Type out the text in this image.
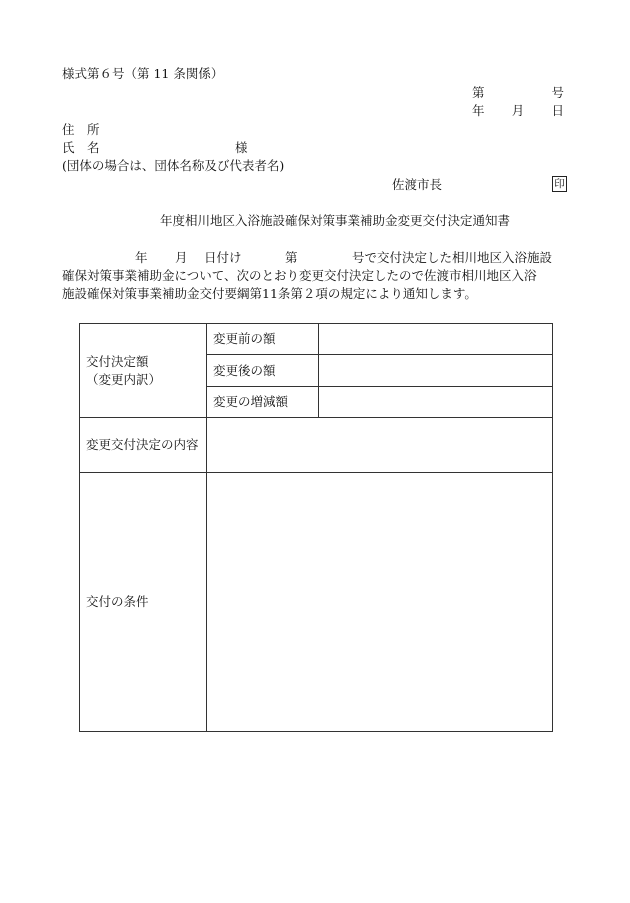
様式第６号（第 11 条関係）
第	号
年 月 日
住　所
氏　名	様
(団体の場合は、団体名称及び代表者名)
佐渡市長	印
年度相川地区入浴施設確保対策事業補助金変更交付決定通知書
年 月 日付け	第	号で交付決定した相川地区入浴施設
確保対策事業補助金について、次のとおり変更交付決定したので佐渡市相川地区入浴
施設確保対策事業補助金交付要綱第11条第２項の規定により通知します。
交付決定額
（変更内訳）	変更前の額	
	変更後の額	
	変更の増減額	
変更交付決定の内容		
交付の条件		
